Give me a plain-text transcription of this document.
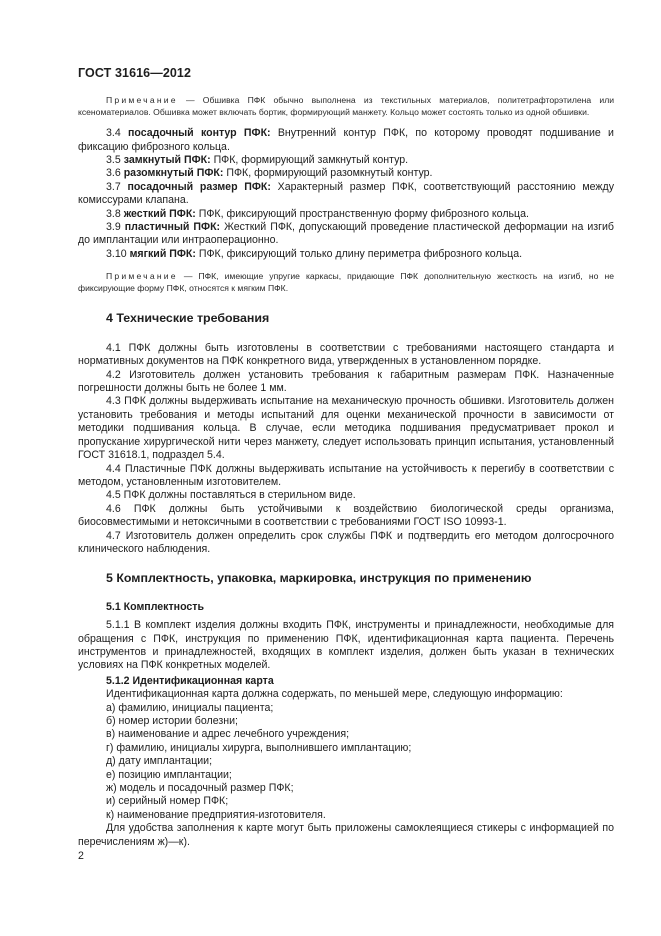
ГОСТ 31616—2012

Примечание — Обшивка ПФК обычно выполнена из текстильных материалов, политетрафторэтилена или ксеноматериалов. Обшивка может включать бортик, формирующий манжету. Кольцо может состоять только из одной обшивки.

3.4 посадочный контур ПФК: Внутренний контур ПФК, по которому проводят подшивание и фиксацию фиброзного кольца.

3.5 замкнутый ПФК: ПФК, формирующий замкнутый контур.

3.6 разомкнутый ПФК: ПФК, формирующий разомкнутый контур.

3.7 посадочный размер ПФК: Характерный размер ПФК, соответствующий расстоянию между комиссурами клапана.

3.8 жесткий ПФК: ПФК, фиксирующий пространственную форму фиброзного кольца.

3.9 пластичный ПФК: Жесткий ПФК, допускающий проведение пластической деформации на изгиб до имплантации или интраоперационно.

3.10 мягкий ПФК: ПФК, фиксирующий только длину периметра фиброзного кольца.

Примечание — ПФК, имеющие упругие каркасы, придающие ПФК дополнительную жесткость на изгиб, но не фиксирующие форму ПФК, относятся к мягким ПФК.

4 Технические требования

4.1 ПФК должны быть изготовлены в соответствии с требованиями настоящего стандарта и нормативных документов на ПФК конкретного вида, утвержденных в установленном порядке.

4.2 Изготовитель должен установить требования к габаритным размерам ПФК. Назначенные погрешности должны быть не более 1 мм.

4.3 ПФК должны выдерживать испытание на механическую прочность обшивки. Изготовитель должен установить требования и методы испытаний для оценки механической прочности в зависимости от методики подшивания кольца. В случае, если методика подшивания предусматривает прокол и пропускание хирургической нити через манжету, следует использовать принцип испытания, установленный ГОСТ 31618.1, подраздел 5.4.

4.4 Пластичные ПФК должны выдерживать испытание на устойчивость к перегибу в соответствии с методом, установленным изготовителем.

4.5 ПФК должны поставляться в стерильном виде.

4.6 ПФК должны быть устойчивыми к воздействию биологической среды организма, биосовместимыми и нетоксичными в соответствии с требованиями ГОСТ ISO 10993-1.

4.7 Изготовитель должен определить срок службы ПФК и подтвердить его методом долгосрочного клинического наблюдения.

5 Комплектность, упаковка, маркировка, инструкция по применению
5.1 Комплектность

5.1.1 В комплект изделия должны входить ПФК, инструменты и принадлежности, необходимые для обращения с ПФК, инструкция по применению ПФК, идентификационная карта пациента. Перечень инструментов и принадлежностей, входящих в комплект изделия, должен быть указан в технических условиях на ПФК конкретных моделей.

5.1.2 Идентификационная карта

Идентификационная карта должна содержать, по меньшей мере, следующую информацию:

а) фамилию, инициалы пациента;

б) номер истории болезни;

в) наименование и адрес лечебного учреждения;

г) фамилию, инициалы хирурга, выполнившего имплантацию;

д) дату имплантации;

е) позицию имплантации;

ж) модель и посадочный размер ПФК;

и) серийный номер ПФК;

к) наименование предприятия-изготовителя.

Для удобства заполнения к карте могут быть приложены самоклеящиеся стикеры с информацией по перечислениям ж)—к).

2
